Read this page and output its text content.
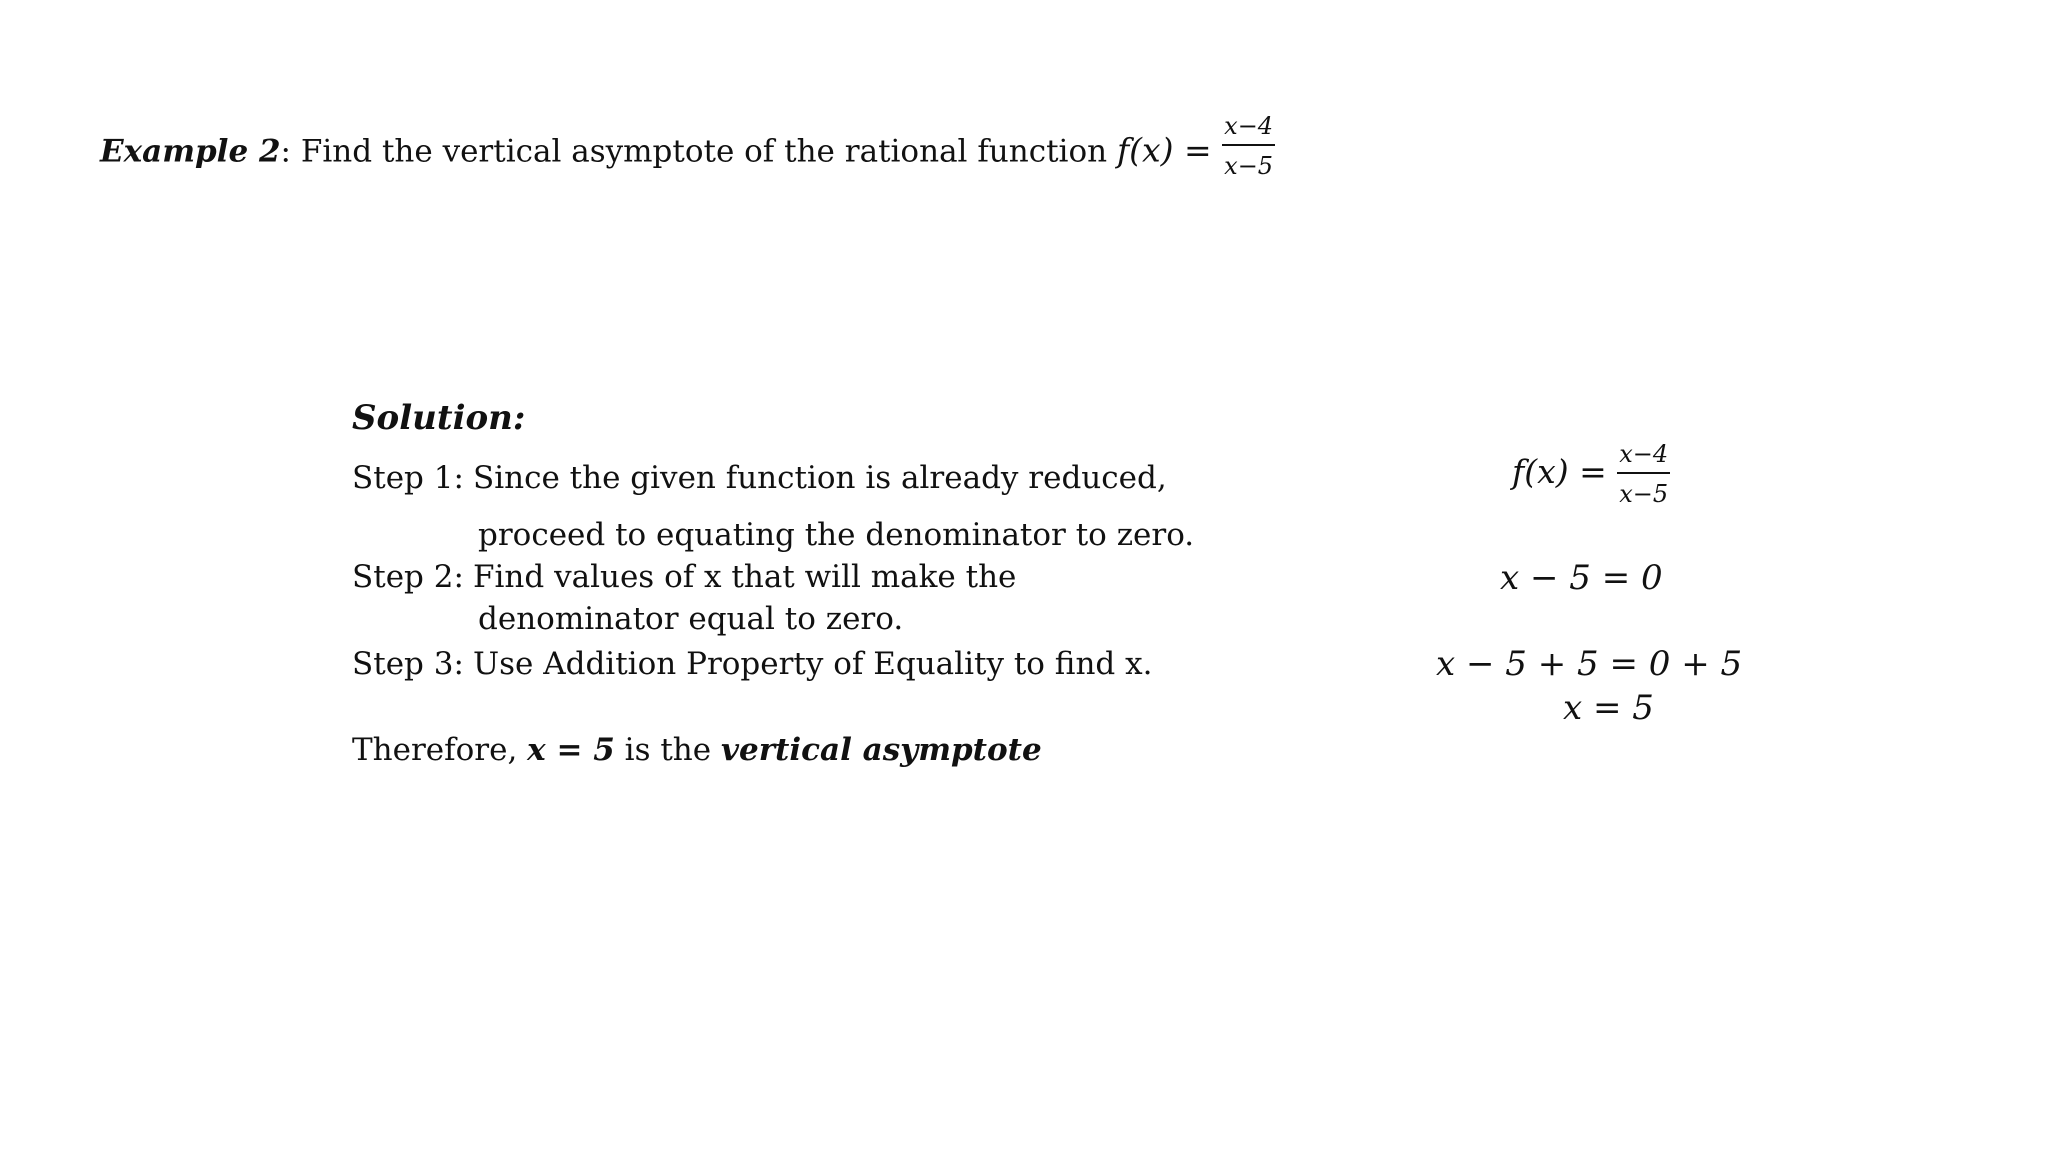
Example 2: Find the vertical asymptote of the rational function $f(x) = \frac{x-4}{x-5}$
Solution:
Step 1: Since the given function is already reduced,
proceed to equating the denominator to zero.
Step 2: Find values of x that will make the
denominator equal to zero.
Step 3: Use Addition Property of Equality to find x.
$f(x) = \frac{x-4}{x-5}$
x − 5 = 0
x − 5 + 5 = 0 + 5
x = 5
Therefore, x = 5 is the vertical asymptote
